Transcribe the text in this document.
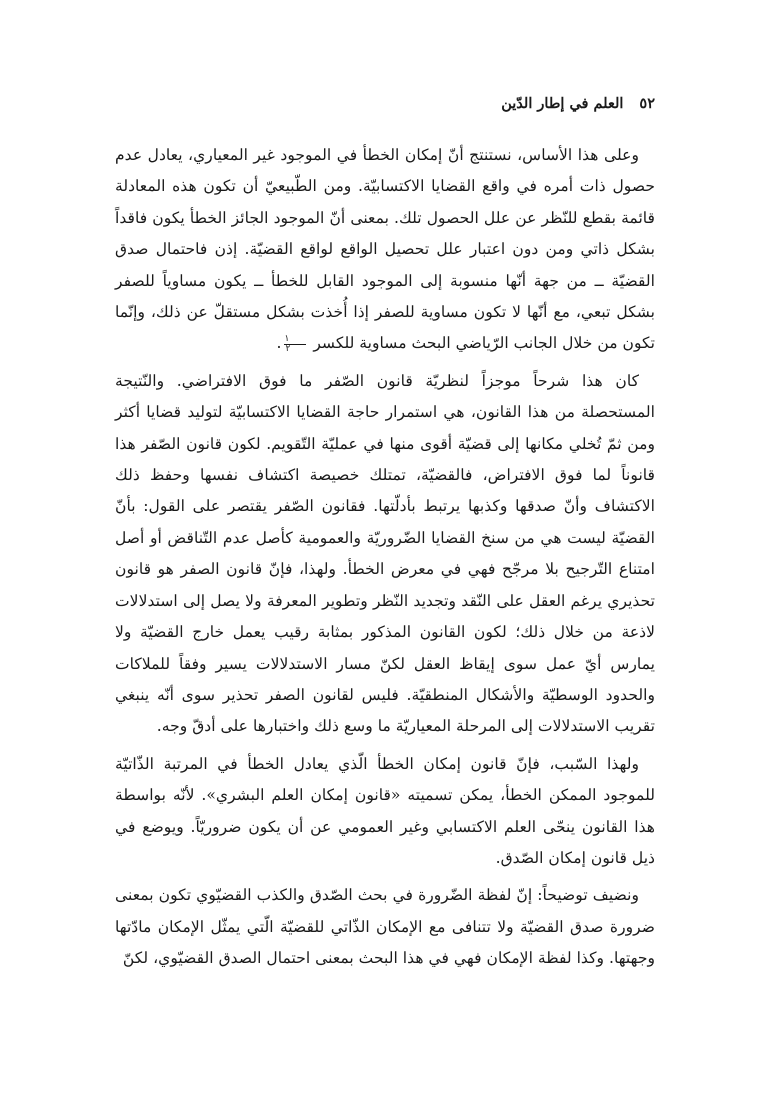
٥٢
العلم في إطار الدّين

وعلى هذا الأساس، نستنتج أنّ إمكان الخطأ في الموجود غير المعياري، يعادل عدم حصول ذات أمره في واقع القضايا الاكتسابيّة. ومن الطّبيعيّ أن تكون هذه المعادلة قائمة بقطع للنّظر عن علل الحصول تلك. بمعنى أنّ الموجود الجائز الخطأ يكون فاقداً بشكل ذاتي ومن دون اعتبار علل تحصيل الواقع لواقع القضيّة. إذن فاحتمال صدق القضيّة ــ من جهة أنّها منسوبة إلى الموجود القابل للخطأ ــ يكون مساوياً للصفر بشكل تبعي، مع أنّها لا تكون مساوية للصفر إذا أُخذت بشكل مستقلّ عن ذلك، وإنّما تكون من خلال الجانب الرّياضي البحث مساوية للكسر
$\frac{١}{٢}$
.

كان هذا شرحاً موجزاً لنظريّة قانون الصّفر ما فوق الافتراضي. والنّتيجة المستحصلة من هذا القانون، هي استمرار حاجة القضايا الاكتسابيّة لتوليد قضايا أكثر ومن ثمّ تُخلي مكانها إلى قضيّة أقوى منها في عمليّة التّقويم. لكون قانون الصّفر هذا قانوناً لما فوق الافتراض، فالقضيّة، تمتلك خصيصة اكتشاف نفسها وحفظ ذلك الاكتشاف وأنّ صدقها وكذبها يرتبط بأدلّتها. فقانون الصّفر يقتصر على القول: بأنّ القضيّة ليست هي من سنخ القضايا الضّروريّة والعمومية كأصل عدم التّناقض أو أصل امتناع التّرجيح بلا مرجّح فهي في معرض الخطأ. ولهذا، فإنّ قانون الصفر هو قانون تحذيري يرغم العقل على النّقد وتجديد النّظر وتطوير المعرفة ولا يصل إلى استدلالات لاذعة من خلال ذلك؛ لكون القانون المذكور بمثابة رقيب يعمل خارج القضيّة ولا يمارس أيّ عمل سوى إيقاظ العقل لكنّ مسار الاستدلالات يسير وفقاً للملاكات والحدود الوسطيّة والأشكال المنطقيّة. فليس لقانون الصفر تحذير سوى أنّه ينبغي تقريب الاستدلالات إلى المرحلة المعياريّة ما وسع ذلك واختبارها على أدقّ وجه.

ولهذا السّبب، فإنّ قانون إمكان الخطأ الّذي يعادل الخطأ في المرتبة الذّاتيّة للموجود الممكن الخطأ، يمكن تسميته «قانون إمكان العلم البشري». لأنّه بواسطة هذا القانون ينحّى العلم الاكتسابي وغير العمومي عن أن يكون ضروريّاً. ويوضع في ذيل قانون إمكان الصّدق.

ونضيف توضيحاً: إنّ لفظة الضّرورة في بحث الصّدق والكذب القضيّوي تكون بمعنى ضرورة صدق القضيّة ولا تتنافى مع الإمكان الذّاتي للقضيّة الّتي يمثّل الإمكان مادّتها وجهتها. وكذا لفظة الإمكان فهي في هذا البحث بمعنى احتمال الصدق القضيّوي، لكنّ
